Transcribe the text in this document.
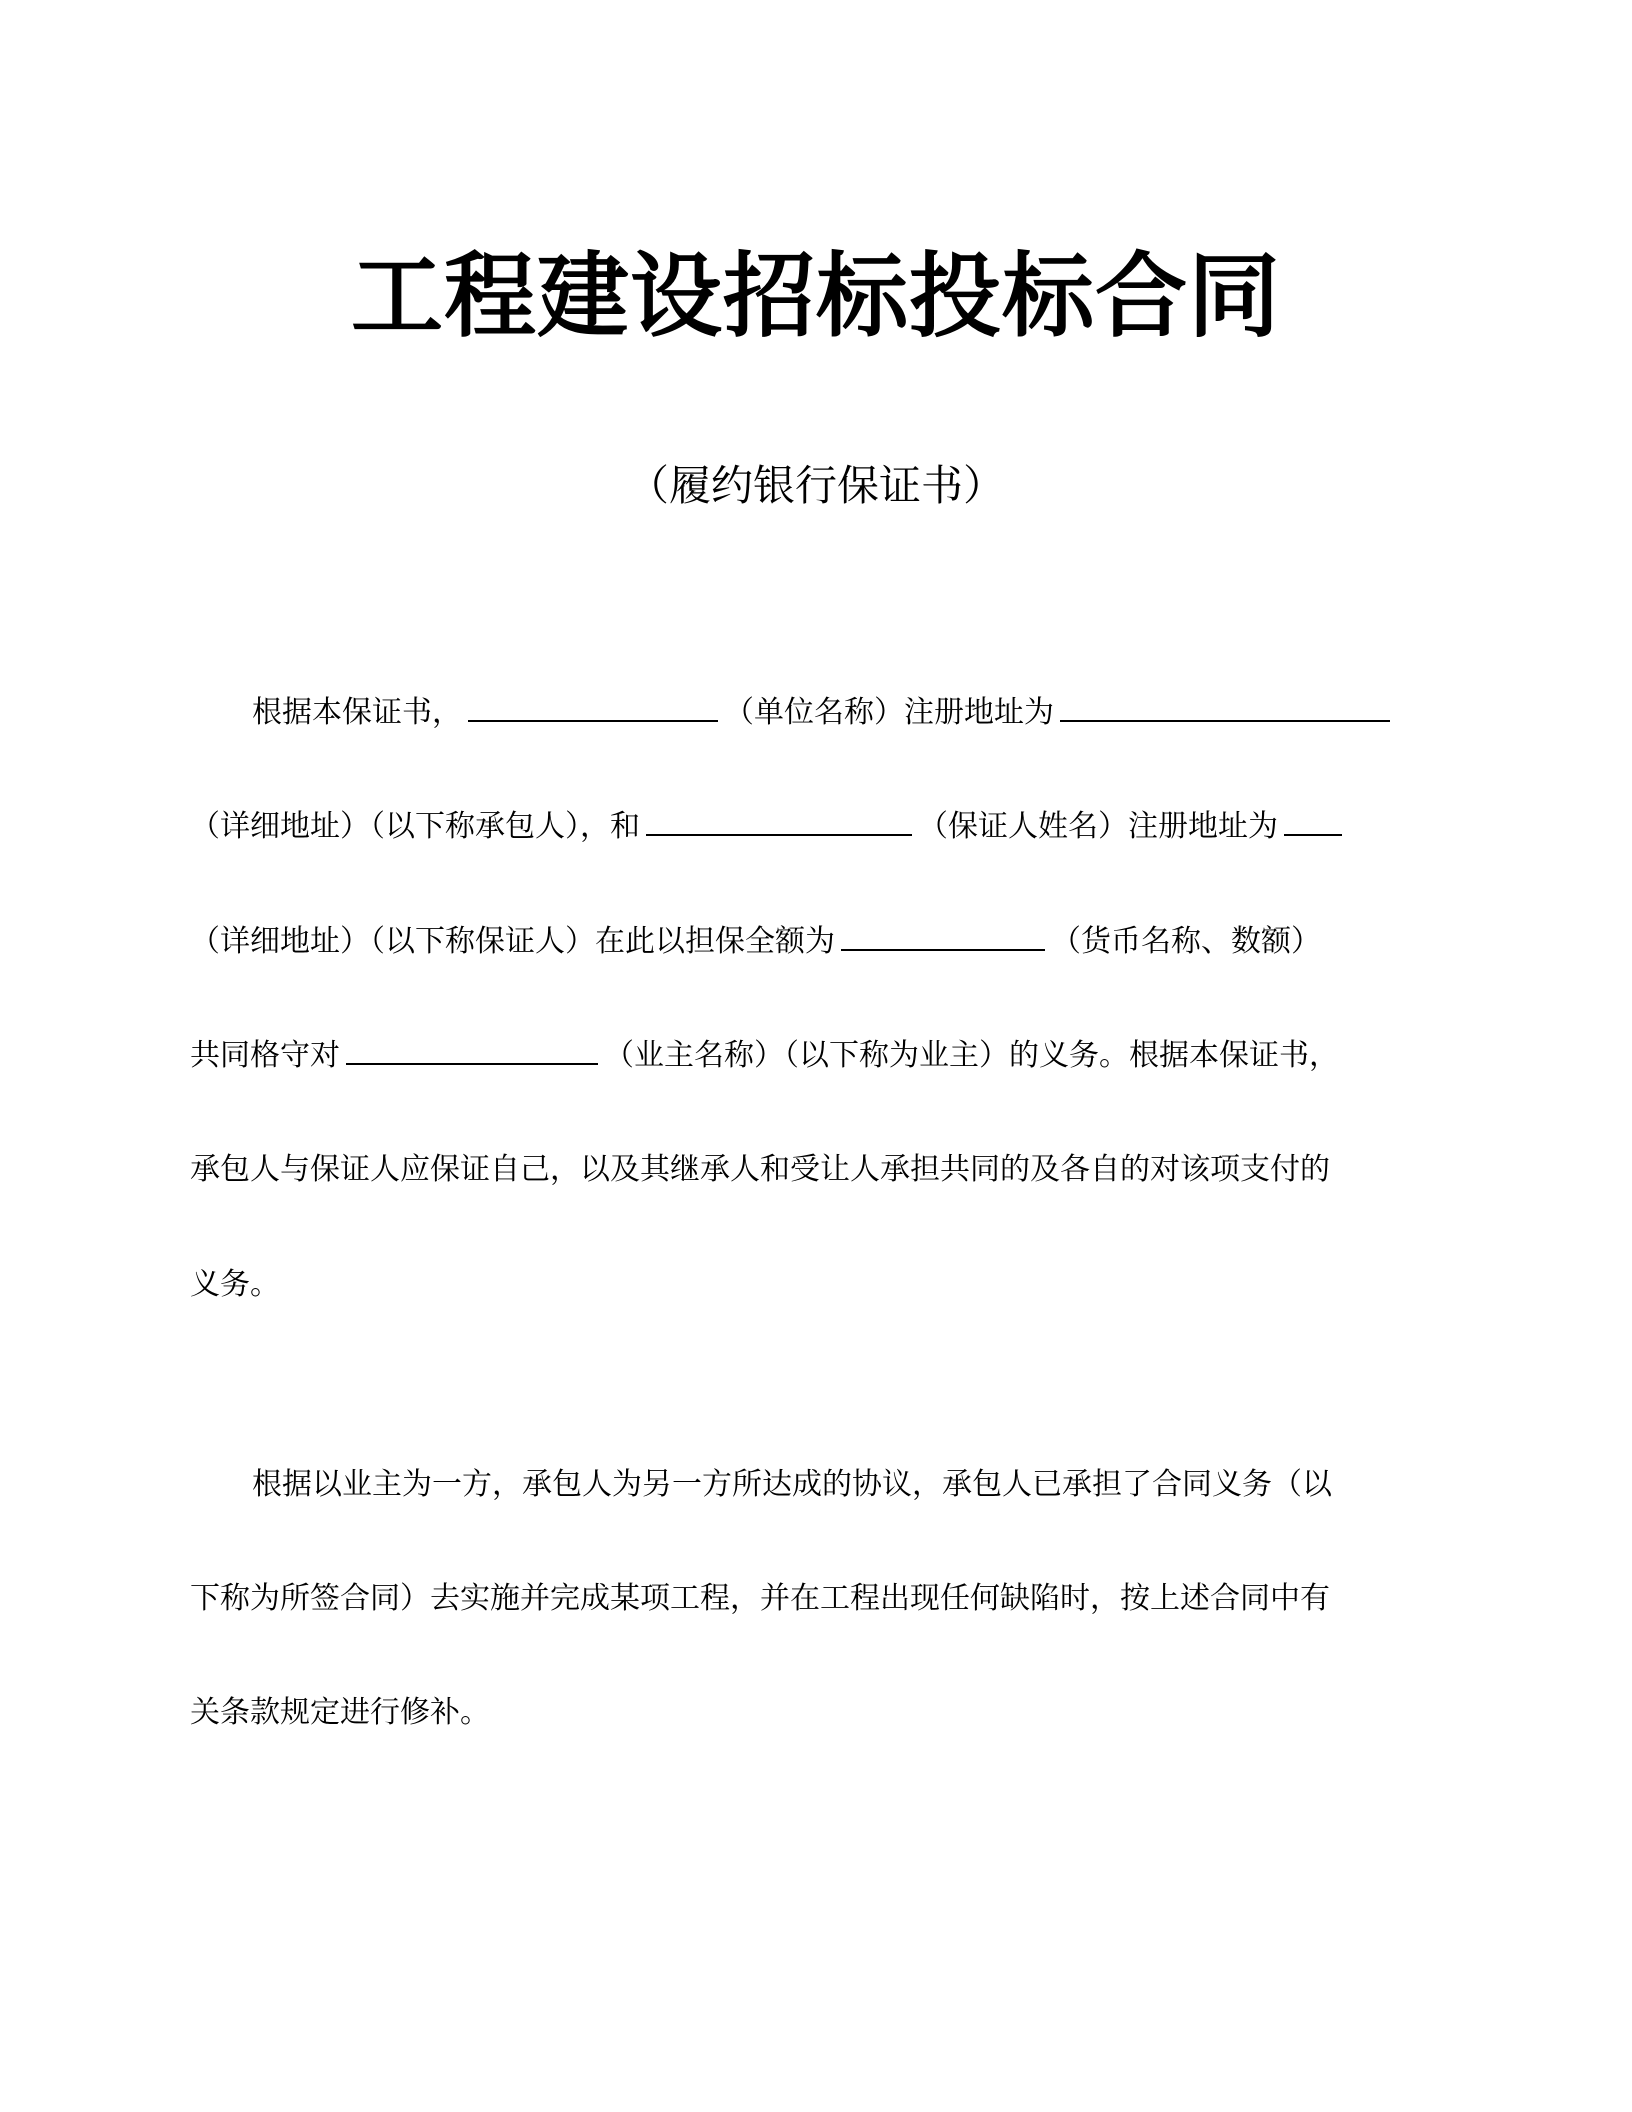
工程建设招标投标合同
（履约银行保证书）
根据本保证书，	（单位名称）注册地址为
（详细地址）（以下称承包人），和	（保证人姓名）注册地址为
（详细地址）（以下称保证人）在此以担保全额为	（货币名称、数额）
共同格守对	（业主名称）（以下称为业主）的义务。根据本保证书，
承包人与保证人应保证自己，以及其继承人和受让人承担共同的及各自的对该项支付的
义务。
根据以业主为一方，承包人为另一方所达成的协议，承包人已承担了合同义务（以
下称为所签合同）去实施并完成某项工程，并在工程出现任何缺陷时，按上述合同中有
关条款规定进行修补。
